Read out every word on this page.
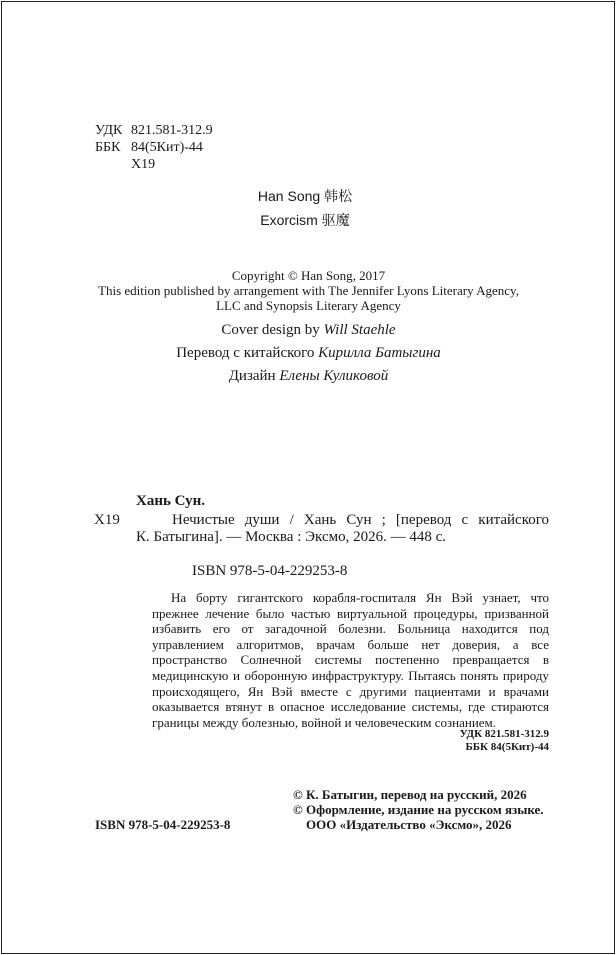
УДК 821.581-312.9
ББК 84(5Кит)-44
Х19
Han Song 韩松
Exorcism 驱魔
Copyright © Han Song, 2017
This edition published by arrangement with The Jennifer Lyons Literary Agency,
LLC and Synopsis Literary Agency
Cover design by Will Staehle
Перевод с китайского Кирилла Батыгина
Дизайн Елены Куликовой
Хань Сун.
Х19	Нечистые души / Хань Сун ; [перевод с китайского
К. Батыгина]. — Москва : Эксмо, 2026. — 448 с.
ISBN 978-5-04-229253-8

На борту гигантского корабля-госпиталя Ян Вэй узнает, что прежнее лечение было частью виртуальной процедуры, призванной избавить его от загадочной болезни. Больница находится под управлением алгоритмов, врачам больше нет доверия, а все пространство Солнечной системы постепенно превращается в медицинскую и оборонную инфраструктуру. Пытаясь понять природу происходящего, Ян Вэй вместе с другими пациентами и врачами оказывается втянут в опасное исследование системы, где стираются границы между болезнью, войной и человеческим сознанием.

УДК 821.581-312.9
ББК 84(5Кит)-44
© К. Батыгин, перевод на русский, 2026
© Оформление, издание на русском языке.
ISBN 978-5-04-229253-8	ООО «Издательство «Эксмо», 2026
